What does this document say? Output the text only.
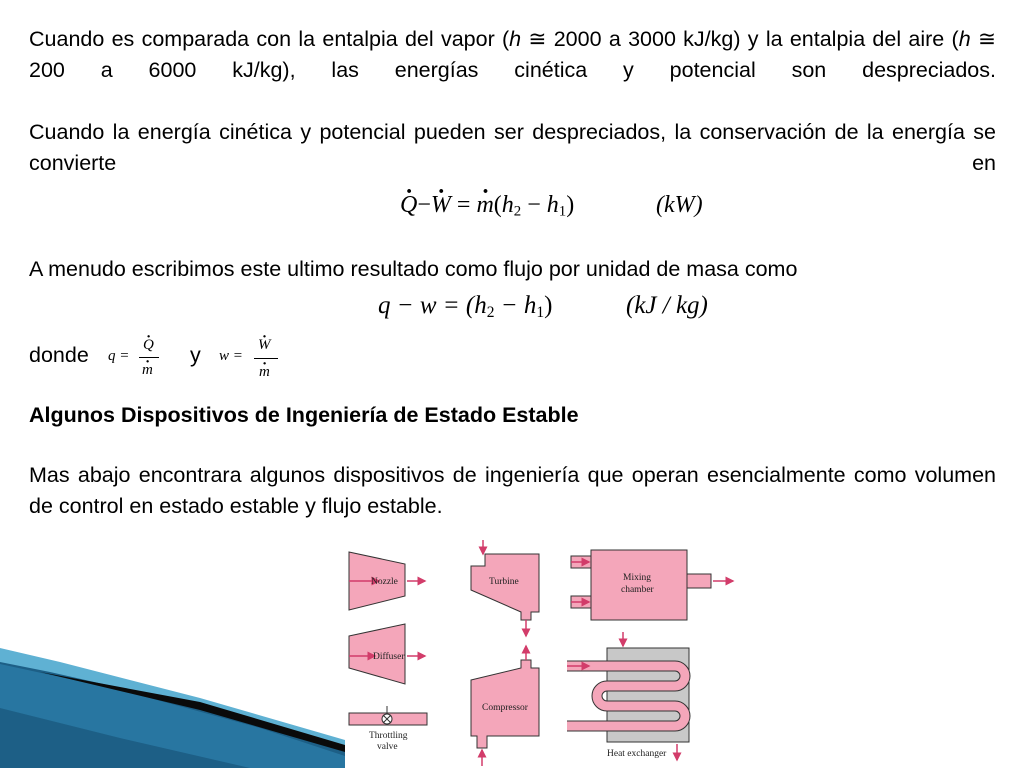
Cuando es comparada con la entalpia del vapor (h ≅ 2000 a 3000 kJ/kg) y la entalpia del aire (h ≅ 200 a 6000 kJ/kg), las energías cinética y potencial son despreciados.

Cuando la energía cinética y potencial pueden ser despreciados, la conservación de la energía se convierte en

· Q−· W = · $m(h_2 - h_1)$	(kW)

A menudo escribimos este ultimo resultado como flujo por unidad de masa como

$q - w = (h_2 - h_1)$	(kJ / kg)
donde	q =
· Q
· m
y	w =
· W
· m
Algunos Dispositivos de Ingeniería de Estado Estable

Mas abajo encontrara algunos dispositivos de ingeniería que operan esencialmente como volumen de control en estado estable y flujo estable.

Nozzle
Diffuser
Throttling
valve
Turbine
Compressor
Mixing
chamber
Heat exchanger
